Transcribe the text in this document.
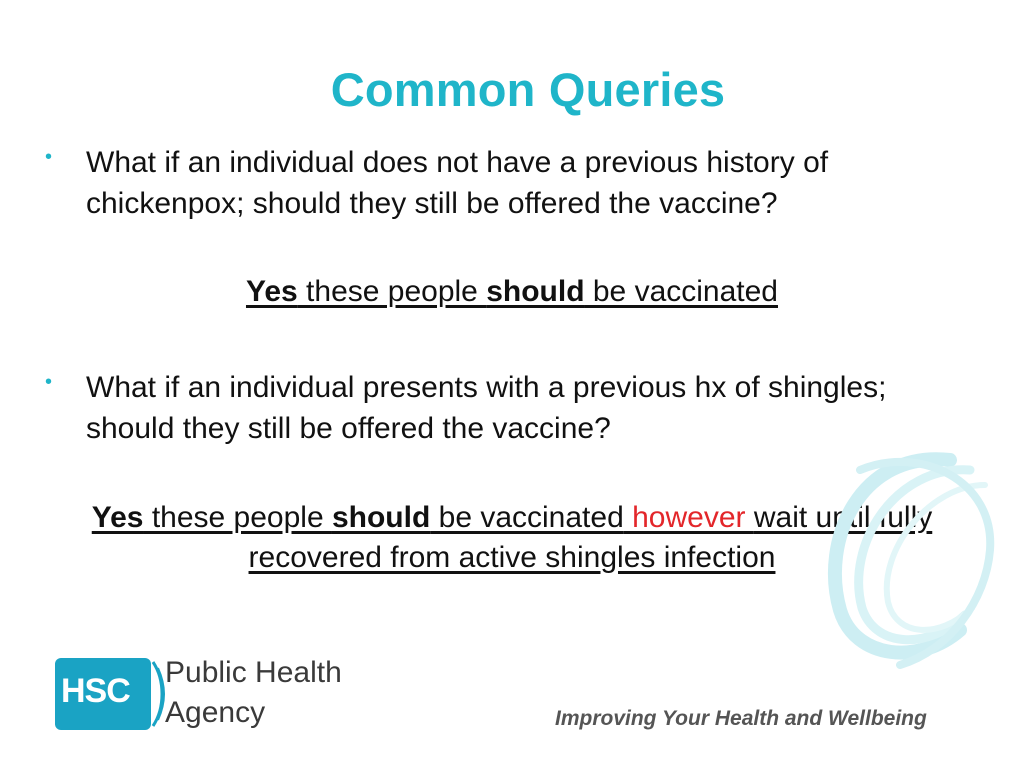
Common Queries
• What if an individual does not have a previous history of chickenpox; should they still be offered the vaccine?
Yes these people should be vaccinated
• What if an individual presents with a previous hx of shingles; should they still be offered the vaccine?
Yes these people should be vaccinated however wait until fully recovered from active shingles infection
HSC Public Health
Agency	Improving Your Health and Wellbeing
